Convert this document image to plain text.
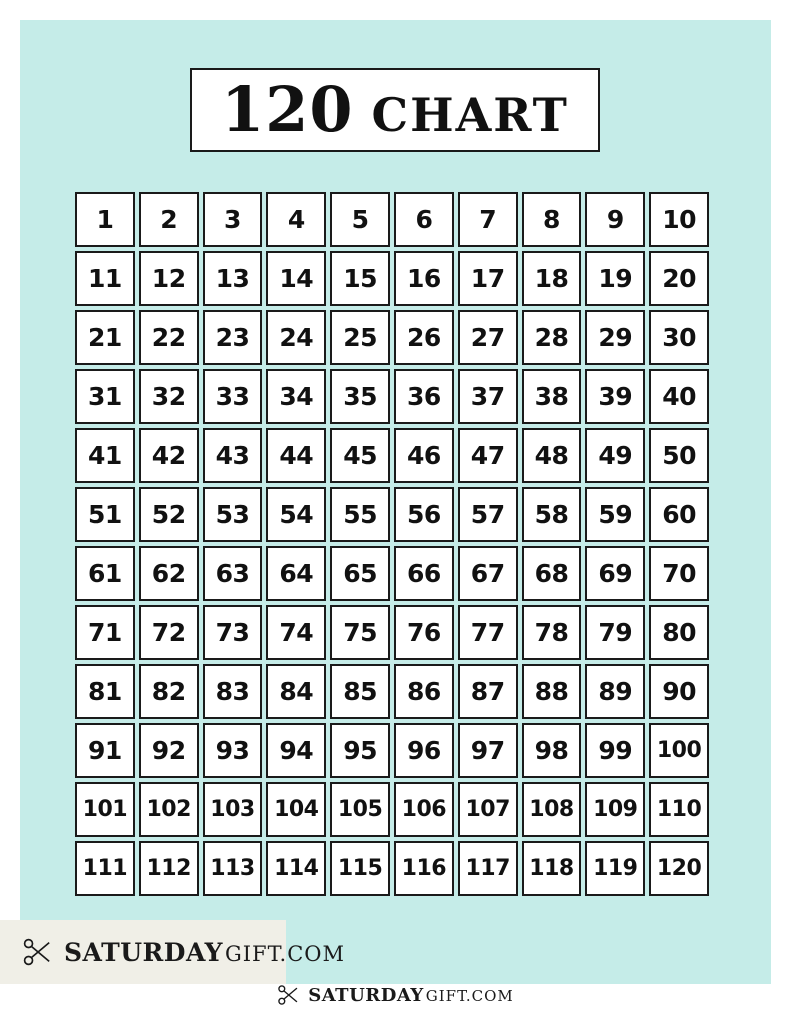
120 CHART
1	2	3	4	5	6	7	8	9	10
11	12	13	14	15	16	17	18	19	20
21	22	23	24	25	26	27	28	29	30
31	32	33	34	35	36	37	38	39	40
41	42	43	44	45	46	47	48	49	50
51	52	53	54	55	56	57	58	59	60
61	62	63	64	65	66	67	68	69	70
71	72	73	74	75	76	77	78	79	80
81	82	83	84	85	86	87	88	89	90
91	92	93	94	95	96	97	98	99	100
101 102 103 104 105 106 107 108 109 110
111 112 113 114 115 116 117 118 119 120
SATURDAY GIFT.COM
SATURDAY GIFT.COM
